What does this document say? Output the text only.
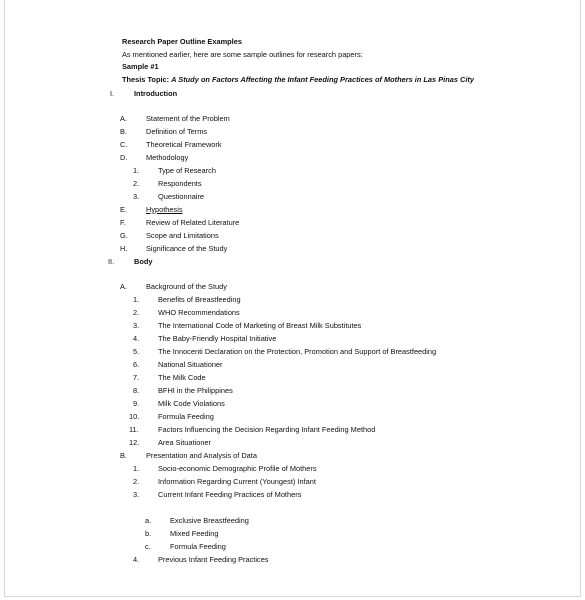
Research Paper Outline Examples
As mentioned earlier, here are some sample outlines for research papers:
Sample #1
Thesis Topic: A Study on Factors Affecting the Infant Feeding Practices of Mothers in Las Pinas City
I.	Introduction
A.	Statement of the Problem
B.	Definition of Terms
C.	Theoretical Framework
D.	Methodology
1.	Type of Research
2.	Respondents
3.	Questionnaire
E.	Hypothesis
F.	Review of Related Literature
G. Scope and Limitations
H.	Significance of the Study
II.	Body
A.	Background of the Study
1.	Benefits of Breastfeeding
2.	WHO Recommendations
3.	The International Code of Marketing of Breast Milk Substitutes
4.	The Baby-Friendly Hospital Initiative
5.	The Innocenti Declaration on the Protection, Promotion and Support of Breastfeeding
6.	National Situationer
7.	The Milk Code
8.	BFHI in the Philippines
9.	Milk Code Violations
10.	Formula Feeding
11.	Factors Influencing the Decision Regarding Infant Feeding Method
12.	Area Situationer
B.	Presentation and Analysis of Data
1.	Socio-economic Demographic Profile of Mothers
2.	Information Regarding Current (Youngest) Infant
3.	Current Infant Feeding Practices of Mothers
a.	Exclusive Breastfeeding
b.	Mixed Feeding
c.	Formula Feeding
4.	Previous Infant Feeding Practices
